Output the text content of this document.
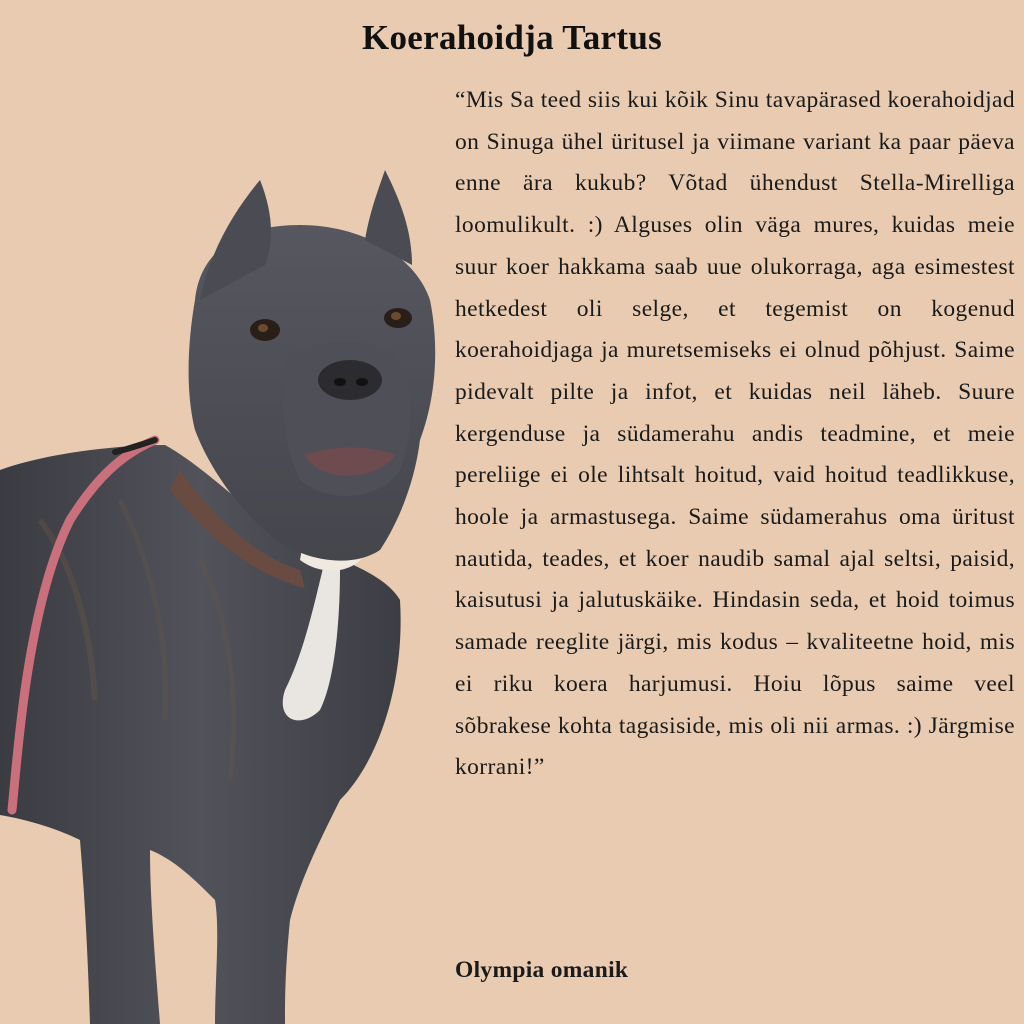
Koerahoidja Tartus

“Mis Sa teed siis kui kõik Sinu tavapärased koerahoidjad on Sinuga ühel üritusel ja viimane variant ka paar päeva enne ära kukub? Võtad ühendust Stella-Mirelliga loomulikult. :) Alguses olin väga mures, kuidas meie suur koer hakkama saab uue olukorraga, aga esimestest hetkedest oli selge, et tegemist on kogenud koerahoidjaga ja muretsemiseks ei olnud põhjust. Saime pidevalt pilte ja infot, et kuidas neil läheb. Suure kergenduse ja südamerahu andis teadmine, et meie pereliige ei ole lihtsalt hoitud, vaid hoitud teadlikkuse, hoole ja armastusega. Saime südamerahus oma üritust nautida, teades, et koer naudib samal ajal seltsi, paisid, kaisutusi ja jalutuskäike. Hindasin seda, et hoid toimus samade reeglite järgi, mis kodus – kvaliteetne hoid, mis ei riku koera harjumusi. Hoiu lõpus saime veel sõbrakese kohta tagasiside, mis oli nii armas. :) Järgmise korrani!”

Olympia omanik
